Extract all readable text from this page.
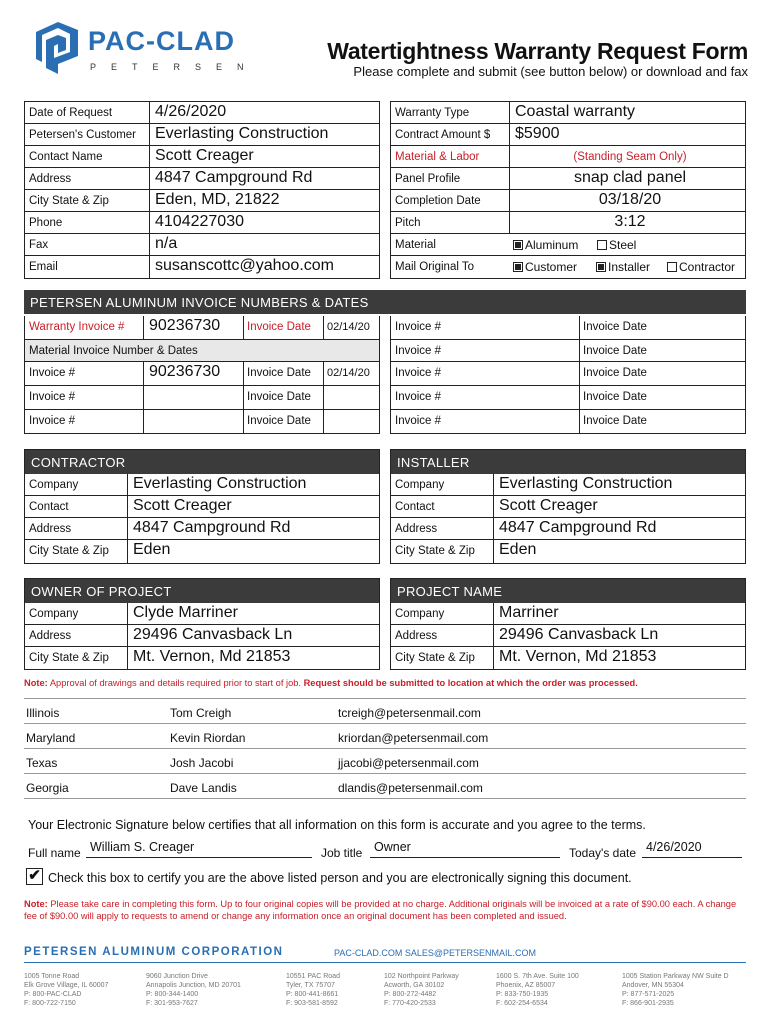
PAC-CLAD
PETERSEN
Watertightness Warranty Request Form
Please complete and submit (see button below) or download and fax
Date of Request	4/26/2020
Petersen's Customer Everlasting Construction
Contact Name	Scott Creager
Address	4847 Campground Rd
City State & Zip	Eden, MD, 21822
Phone	4104227030
Fax	n/a
Email	susanscottc@yahoo.com
Warranty Type	Coastal warranty
Contract Amount $ $5900
Material & Labor	(Standing Seam Only)
Panel Profile	snap clad panel
Completion Date	03/18/20
Pitch	3:12
Material	Aluminum	Steel
Mail Original To	Customer	Installer	Contractor
PETERSEN ALUMINUM INVOICE NUMBERS & DATES
Warranty Invoice # 90236730 Invoice Date 02/14/20
Material Invoice Number & Dates
Invoice #	90236730 Invoice Date 02/14/20
Invoice #	Invoice Date
Invoice #	Invoice Date
Invoice #	Invoice Date
Invoice #	Invoice Date
Invoice #	Invoice Date
Invoice #	Invoice Date
Invoice #	Invoice Date
CONTRACTOR
Company	Everlasting Construction
Contact	Scott Creager
Address	4847 Campground Rd
City State & Zip Eden
INSTALLER
Company	Everlasting Construction
Contact	Scott Creager
Address	4847 Campground Rd
City State & Zip Eden
OWNER OF PROJECT
Company	Clyde Marriner
Address	29496 Canvasback Ln
City State & Zip Mt. Vernon, Md 21853
PROJECT NAME
Company	Marriner
Address	29496 Canvasback Ln
City State & Zip Mt. Vernon, Md 21853
Note: Approval of drawings and details required prior to start of job. Request should be submitted to location at which the order was processed.
Illinois	Tom Creigh	tcreigh@petersenmail.com
Maryland	Kevin Riordan	kriordan@petersenmail.com
Texas	Josh Jacobi	jjacobi@petersenmail.com
Georgia	Dave Landis	dlandis@petersenmail.com
Your Electronic Signature below certifies that all information on this form is accurate and you agree to the terms.
Full name William S. Creager	Job title Owner	Today's date 4/26/2020
✔ Check this box to certify you are the above listed person and you are electronically signing this document.
Note: Please take care in completing this form. Up to four original copies will be provided at no charge. Additional originals will be invoiced at a rate of $90.00 each. A change fee of $90.00 will apply to requests to amend or change any information once an original document has been completed and issued.
PETERSEN ALUMINUM CORPORATION	PAC-CLAD.COM SALES@PETERSENMAIL.COM
1005 Tonne Road
Elk Grove Village, IL 60007
P: 800-PAC-CLAD
F: 800-722-7150
9060 Junction Drive
Annapolis Junction, MD 20701
P: 800-344-1400
F: 301-953-7627
10551 PAC Road
Tyler, TX 75707
P: 800-441-8661
F: 903-581-8592
102 Northpoint Parkway
Acworth, GA 30102
P: 800-272-4482
F: 770-420-2533
1600 S. 7th Ave. Suite 100
Phoenix, AZ 85007
P: 833-750-1935
F: 602-254-6534
1005 Station Parkway NW Suite D
Andover, MN 55304
P: 877-571-2025
F: 866-901-2935
